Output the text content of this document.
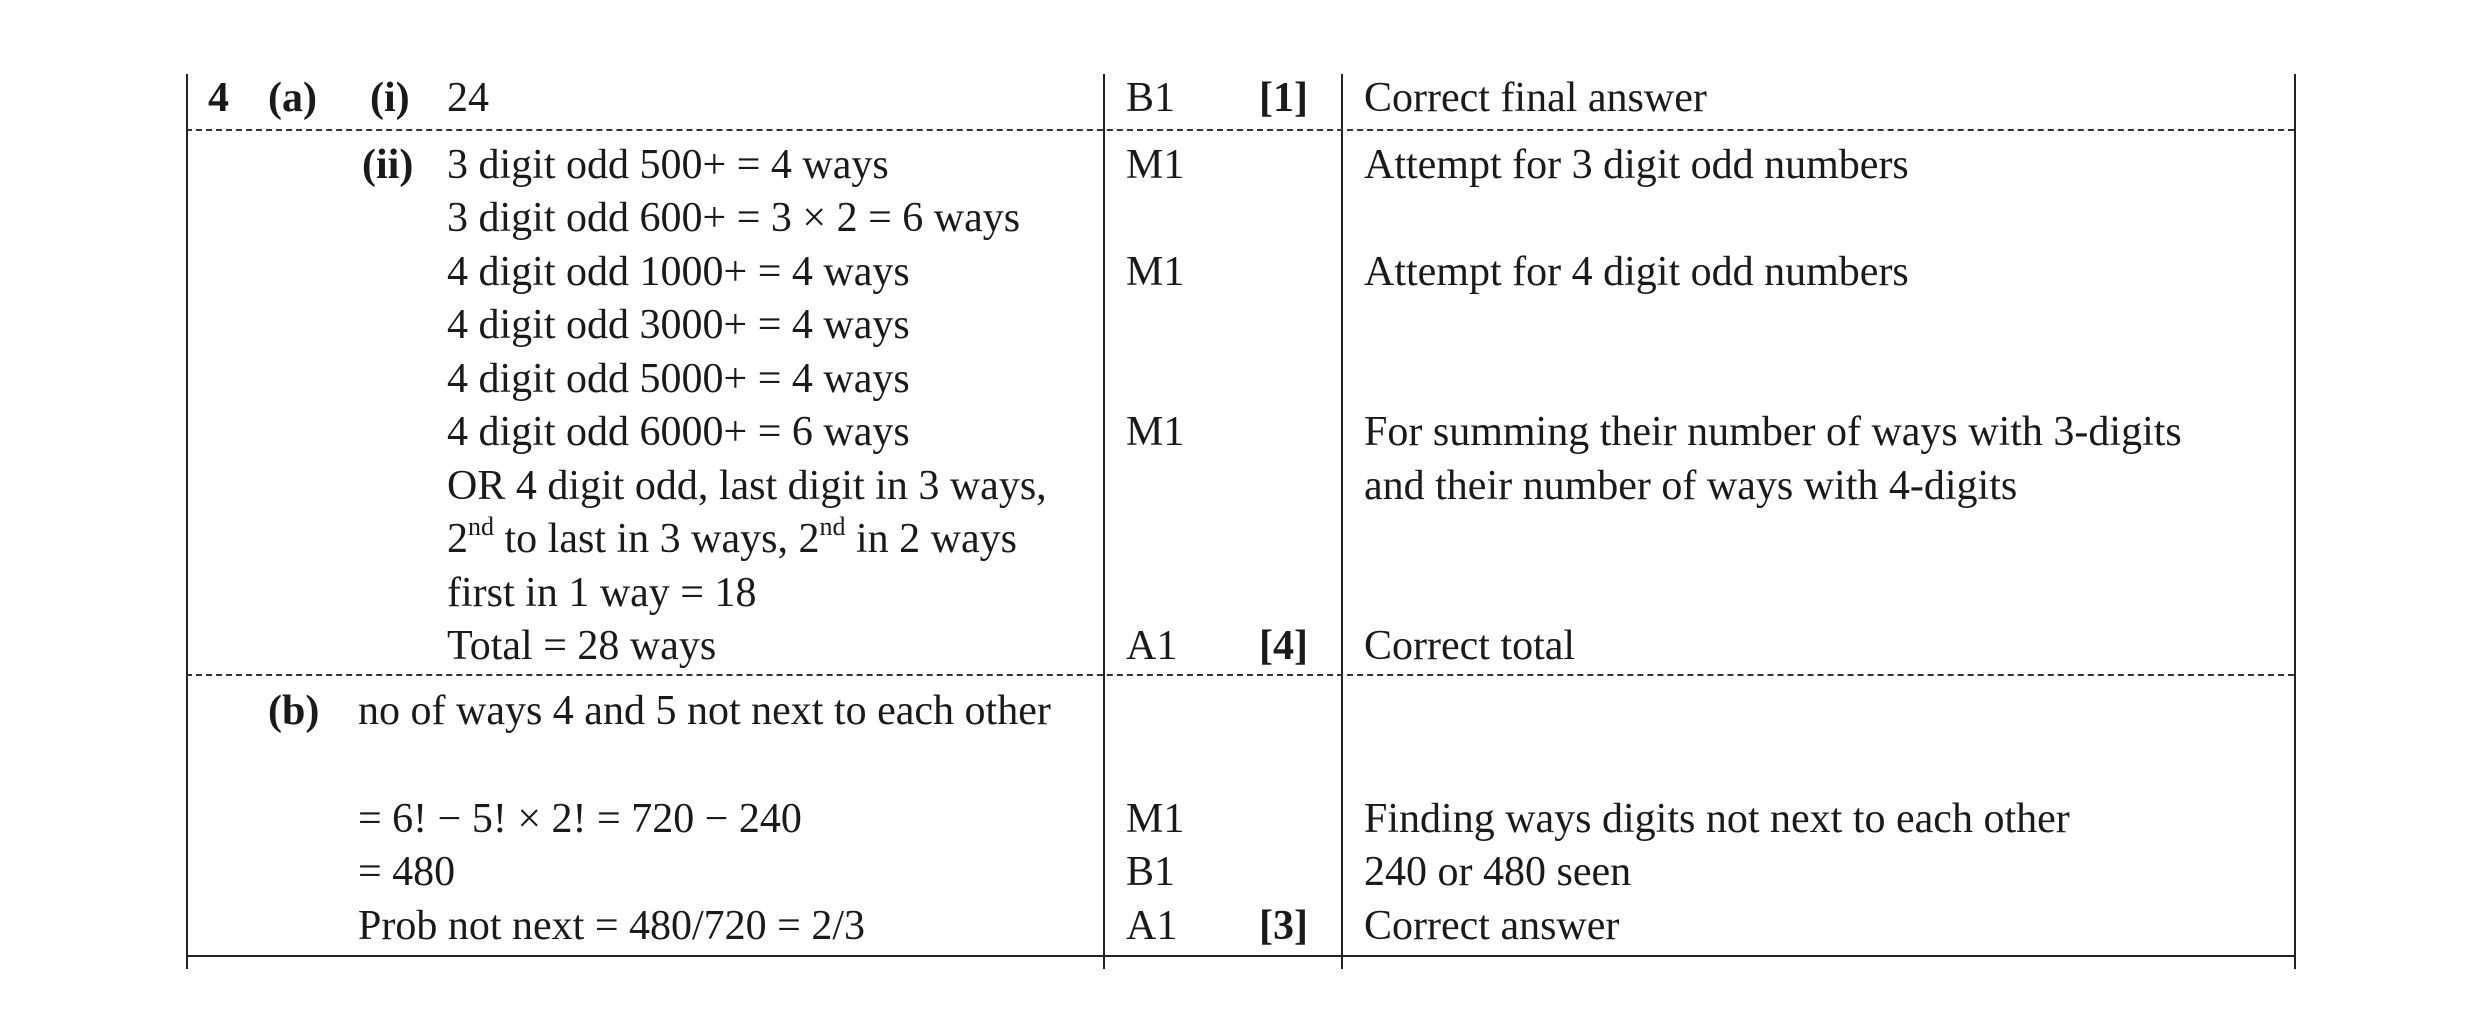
4 (a) (i) 24	B1 [1] Correct final answer
(ii) 3 digit odd 500+ = 4 ways
3 digit odd 600+ = 3 × 2 = 6 ways
4 digit odd 1000+ = 4 ways
4 digit odd 3000+ = 4 ways
4 digit odd 5000+ = 4 ways
4 digit odd 6000+ = 6 ways
OR 4 digit odd, last digit in 3 ways,
2nd to last in 3 ways, 2nd in 2 ways
first in 1 way = 18
Total = 28 ways
M1
M1
M1
A1 [4]
Attempt for 3 digit odd numbers
Attempt for 4 digit odd numbers
For summing their number of ways with 3-digits
and their number of ways with 4-digits
Correct total
(b) no of ways 4 and 5 not next to each other
= 6! − 5! × 2! = 720 − 240
= 480
Prob not next = 480/720 = 2/3
M1
B1
A1 [3]
Finding ways digits not next to each other
240 or 480 seen
Correct answer
